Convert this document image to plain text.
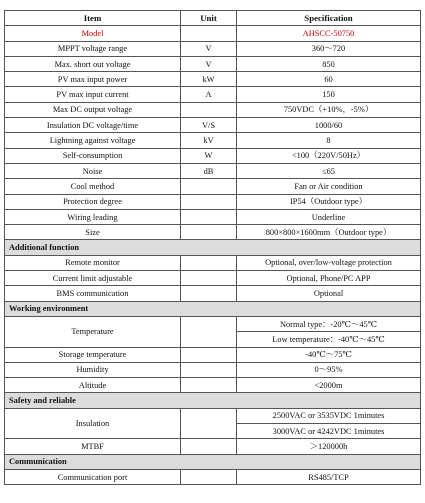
Item	Unit	Specification
Model		AHSCC-50750
MPPT voltage range	V	360～720
Max. short out voltage	V	850
PV max input power	kW	60
PV max input current	A	150
Max DC output voltage		750VDC（+10%，-5%）
Insulation DC voltage/time	V/S	1000/60
Lightning against voltage	kV	8
Self-consumption	W	<100（220V/50Hz）
Noise	dB	≤65
Cool method		Fan or Air condition
Protection degree		IP54（Outdoor type）
Wiring leading		Underline
Size		800×800×1600mm（Outdoor type）
Additional function		
Remote monitor		Optional, over/low-voltage protection
Current limit adjustable		Optional, Phone/PC APP
BMS communication		Optional
Working environment		
Temperature		Normal type：-20℃～45℃
		Low temperature：-40℃～45℃
Storage temperature		-40℃～75℃
Humidity		0～95%
Altitude		<2000m
Safety and reliable		
Insulation		2500VAC or 3535VDC 1minutes
		3000VAC or 4242VDC 1minutes
MTBF		＞120000h
Communication		
Communication port		RS485/TCP
